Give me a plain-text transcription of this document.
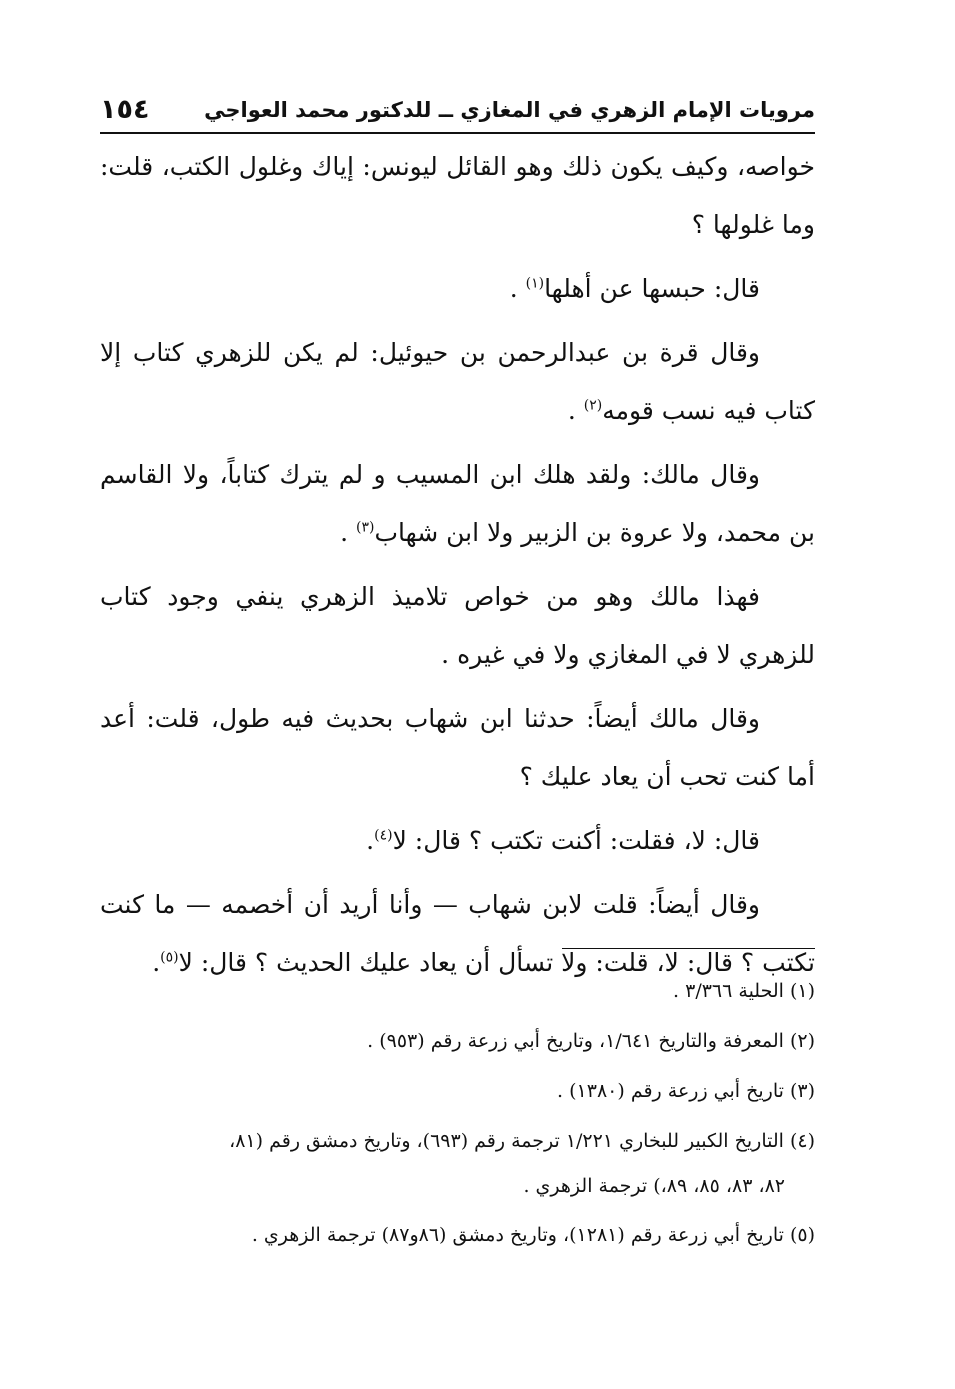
مرويات الإمام الزهري في المغازي ــ للدكتور محمد العواجي
١٥٤

خواصه، وكيف يكون ذلك وهو القائل ليونس: إياك وغلول الكتب، قلت: وما غلولها ؟

قال: حبسها عن أهلها$^{(١)}$ .

وقال قرة بن عبدالرحمن بن حيوئيل: لم يكن للزهري كتاب إلا كتاب فيه نسب قومه$^{(٢)}$ .

وقال مالك: ولقد هلك ابن المسيب و لم يترك كتاباً، ولا القاسم بن محمد، ولا عروة بن الزبير ولا ابن شهاب$^{(٣)}$ .

فهذا مالك وهو من خواص تلاميذ الزهري ينفي وجود كتاب للزهري لا في المغازي ولا في غيره .

وقال مالك أيضاً: حدثنا ابن شهاب بحديث فيه طول، قلت: أعد أما كنت تحب أن يعاد عليك ؟

قال: لا، فقلت: أكنت تكتب ؟ قال: لا$^{(٤)}$.

وقال أيضاً: قلت لابن شهاب — وأنا أريد أن أخصمه — ما كنت تكتب ؟ قال: لا، قلت: ولا تسأل أن يعاد عليك الحديث ؟ قال: لا$^{(٥)}$.

(١)الحلية ٣/٣٦٦ .

(٢)المعرفة والتاريخ ١/٦٤١، وتاريخ أبي زرعة رقم (٩٥٣) .

(٣)تاريخ أبي زرعة رقم (١٣٨٠) .

(٤)التاريخ الكبير للبخاري ١/٢٢١ ترجمة رقم (٦٩٣)، وتاريخ دمشق رقم (٨١،
٨٢، ٨٣، ٨٥، ٨٩،) ترجمة الزهري .

(٥)تاريخ أبي زرعة رقم (١٢٨١)، وتاريخ دمشق (٨٦و٨٧) ترجمة الزهري .
